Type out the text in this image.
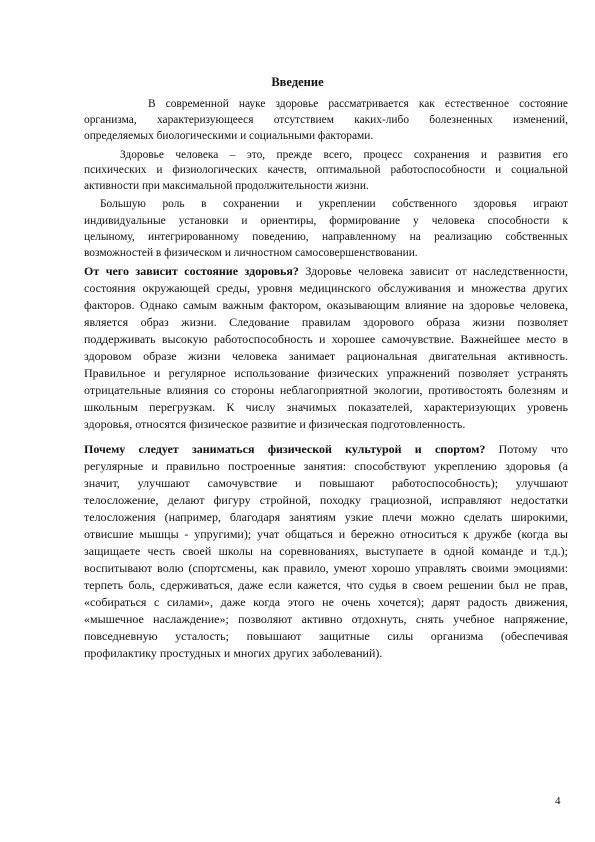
Введение
В современной науке здоровье рассматривается как естественное состояние
организма, характеризующееся отсутствием каких-либо болезненных изменений,
определяемых биологическими и социальными факторами.
Здоровье человека – это, прежде всего, процесс сохранения и развития его
психических и физиологических качеств, оптимальной работоспособности и социальной
активности при максимальной продолжительности жизни.
Большую роль в сохранении и укреплении собственного здоровья играют
индивидуальные установки и ориентиры, формирование у человека способности к
целыному, интегрированному поведению, направленному на реализацию собственных
возможностей в физическом и личностном самосовершенствовании.
От чего зависит состояние здоровья? Здоровье человека зависит от наследственности,
состояния окружающей среды, уровня медицинского обслуживания и множества других
факторов. Однако самым важным фактором, оказывающим влияние на здоровье человека,
является образ жизни. Следование правилам здорового образа жизни позволяет
поддерживать высокую работоспособность и хорошее самочувствие. Важнейшее место в
здоровом образе жизни человека занимает рациональная двигательная активность.
Правильное и регулярное использование физических упражнений позволяет устранять
отрицательные влияния со стороны неблагоприятной экологии, противостоять болезням и
школьным перегрузкам. К числу значимых показателей, характеризующих уровень
здоровья, относятся физическое развитие и физическая подготовленность.
Почему следует заниматься физической культурой и спортом? Потому что
регулярные и правильно построенные занятия: способствуют укреплению здоровья (а
значит, улучшают самочувствие и повышают работоспособность); улучшают
телосложение, делают фигуру стройной, походку грациозной, исправляют недостатки
телосложения (например, благодаря занятиям узкие плечи можно сделать широкими,
отвисшие мышцы - упругими); учат общаться и бережно относиться к дружбе (когда вы
защищаете честь своей школы на соревнованиях, выступаете в одной команде и т.д.);
воспитывают волю (спортсмены, как правило, умеют хорошо управлять своими эмоциями:
терпеть боль, сдерживаться, даже если кажется, что судья в своем решении был не прав,
«собираться с силами», даже когда этого не очень хочется); дарят радость движения,
«мышечное наслаждение»; позволяют активно отдохнуть, снять учебное напряжение,
повседневную усталость; повышают защитные силы организма (обеспечивая
профилактику простудных и многих других заболеваний).
4
